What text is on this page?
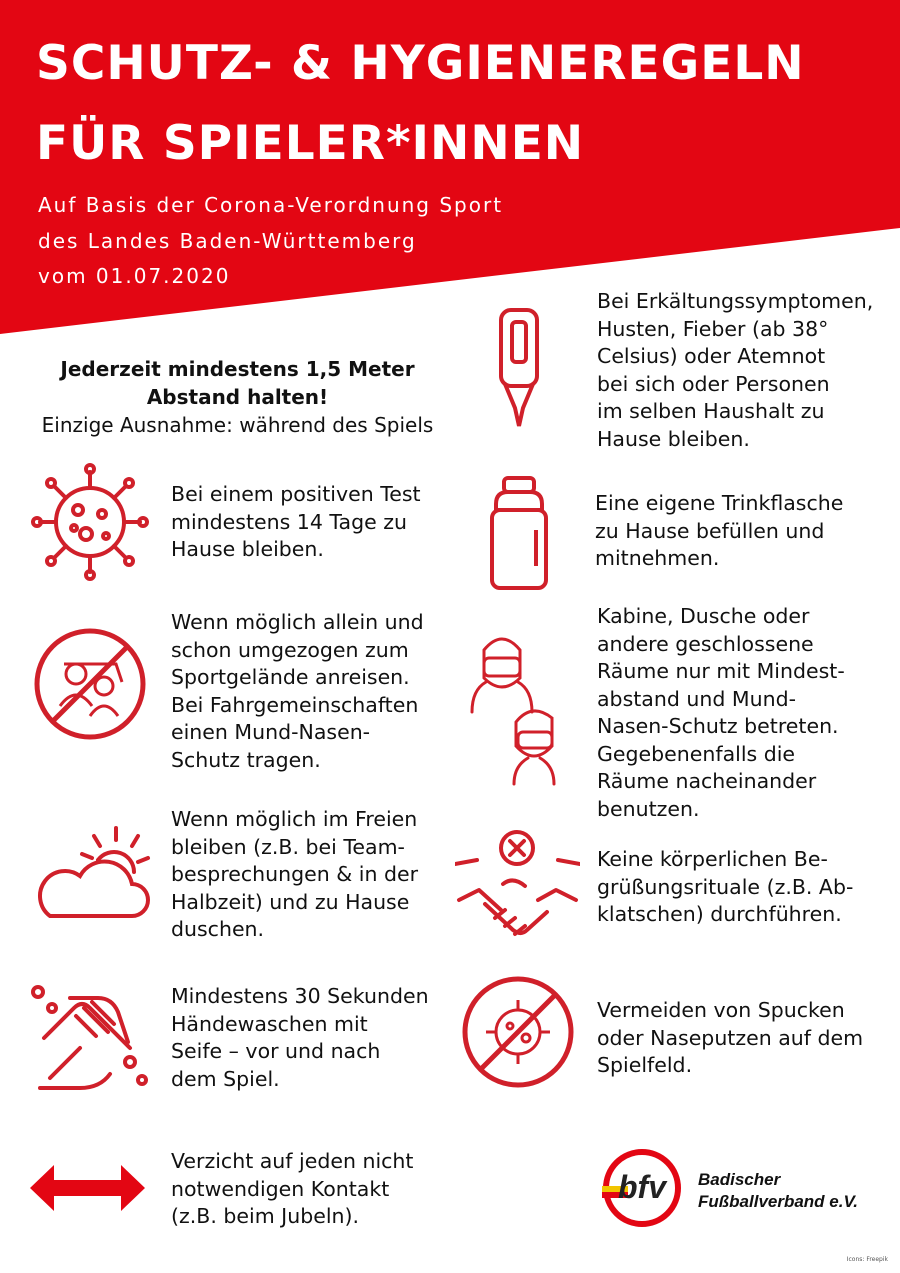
SCHUTZ- & HYGIENEREGELN
FÜR SPIELER*INNEN
Auf Basis der Corona-Verordnung Sport
des Landes Baden-Württemberg
vom 01.07.2020
Jederzeit mindestens 1,5 Meter
Abstand halten!
Einzige Ausnahme: während des Spiels
Bei einem positiven Test
mindestens 14 Tage zu
Hause bleiben.
Wenn möglich allein und
schon umgezogen zum
Sportgelände anreisen.
Bei Fahrgemeinschaften
einen Mund-Nasen-
Schutz tragen.
Wenn möglich im Freien
bleiben (z.B. bei Team-
besprechungen & in der
Halbzeit) und zu Hause
duschen.
Mindestens 30 Sekunden
Händewaschen mit
Seife – vor und nach
dem Spiel.
Verzicht auf jeden nicht
notwendigen Kontakt
(z.B. beim Jubeln).
Bei Erkältungssymptomen,
Husten, Fieber (ab 38°
Celsius) oder Atemnot
bei sich oder Personen
im selben Haushalt zu
Hause bleiben.
Eine eigene Trinkflasche
zu Hause befüllen und
mitnehmen.
Kabine, Dusche oder
andere geschlossene
Räume nur mit Mindest-
abstand und Mund-
Nasen-Schutz betreten.
Gegebenenfalls die
Räume nacheinander
benutzen.
Keine körperlichen Be-
grüßungsrituale (z.B. Ab-
klatschen) durchführen.
Vermeiden von Spucken
oder Naseputzen auf dem
Spielfeld.
bfv Badischer
Fußballverband e.V.
Icons: Freepik
